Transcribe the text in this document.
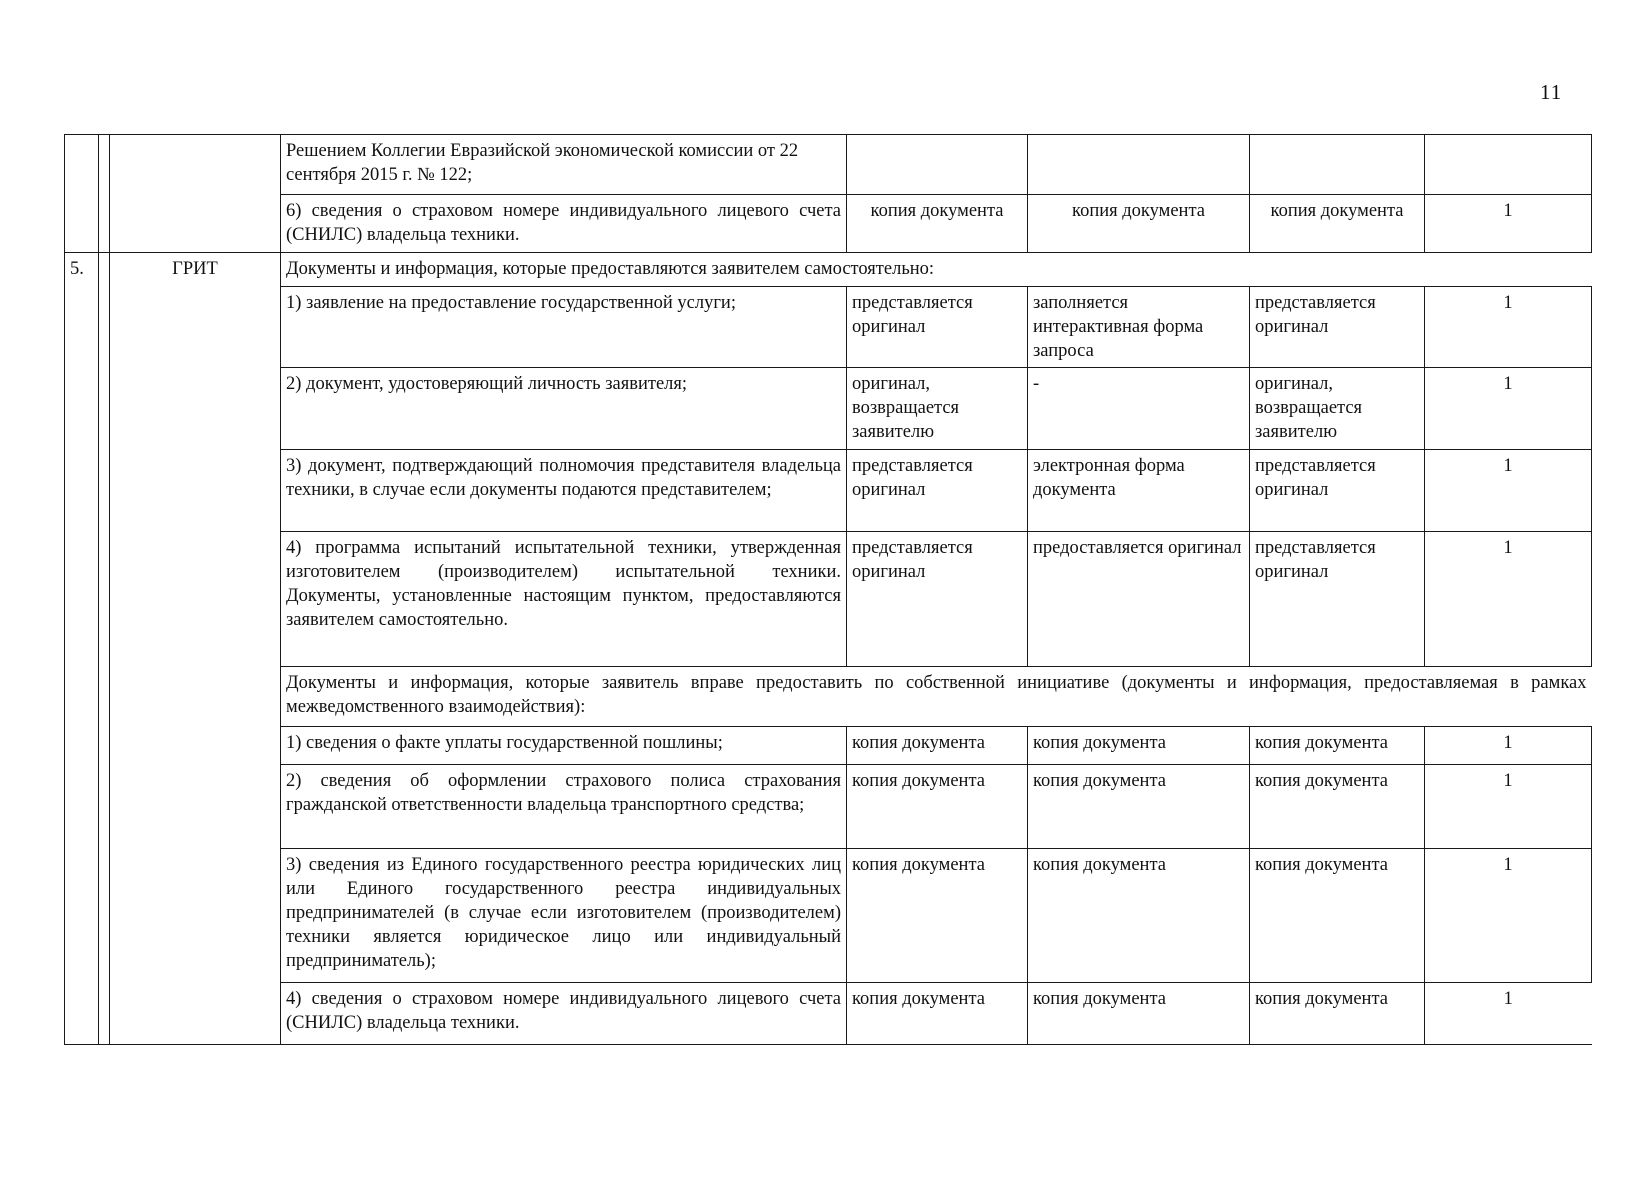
11
			Решением Коллегии Евразийской экономической комиссии от 22 сентября 2015 г. № 122;				
			6) сведения о страховом номере индивидуального лицевого счета (СНИЛС) владельца техники.	копия документа	копия документа	копия документа	1

5.		ГРИТ	Документы и информация, которые предоставляются заявителем самостоятельно:				
			1) заявление на предоставление государственной услуги;	представляется оригинал	заполняется интерактивная форма запроса	представляется оригинал	1
			2) документ, удостоверяющий личность заявителя;	оригинал, возвращается заявителю	-	оригинал, возвращается заявителю	1
			3) документ, подтверждающий полномочия представителя владельца техники, в случае если документы подаются представителем;	представляется оригинал	электронная форма документа	представляется оригинал	1
			4) программа испытаний испытательной техники, утвержденная изготовителем (производителем) испытательной техники. Документы, установленные настоящим пунктом, предоставляются заявителем самостоятельно.	представляется оригинал	предоставляется оригинал	представляется оригинал	1
			Документы и информация, которые заявитель вправе предоставить по собственной инициативе (документы и информация, предоставляемая в рамках межведомственного взаимодействия):				
			1) сведения о факте уплаты государственной пошлины;	копия документа	копия документа	копия документа	1
			2) сведения об оформлении страхового полиса страхования гражданской ответственности владельца транспортного средства;	копия документа	копия документа	копия документа	1
			3) сведения из Единого государственного реестра юридических лиц или Единого государственного реестра индивидуальных предпринимателей (в случае если изготовителем (производителем) техники является юридическое лицо или индивидуальный предприниматель);	копия документа	копия документа	копия документа	1
			4) сведения о страховом номере индивидуального лицевого счета (СНИЛС) владельца техники.	копия документа	копия документа	копия документа	1
